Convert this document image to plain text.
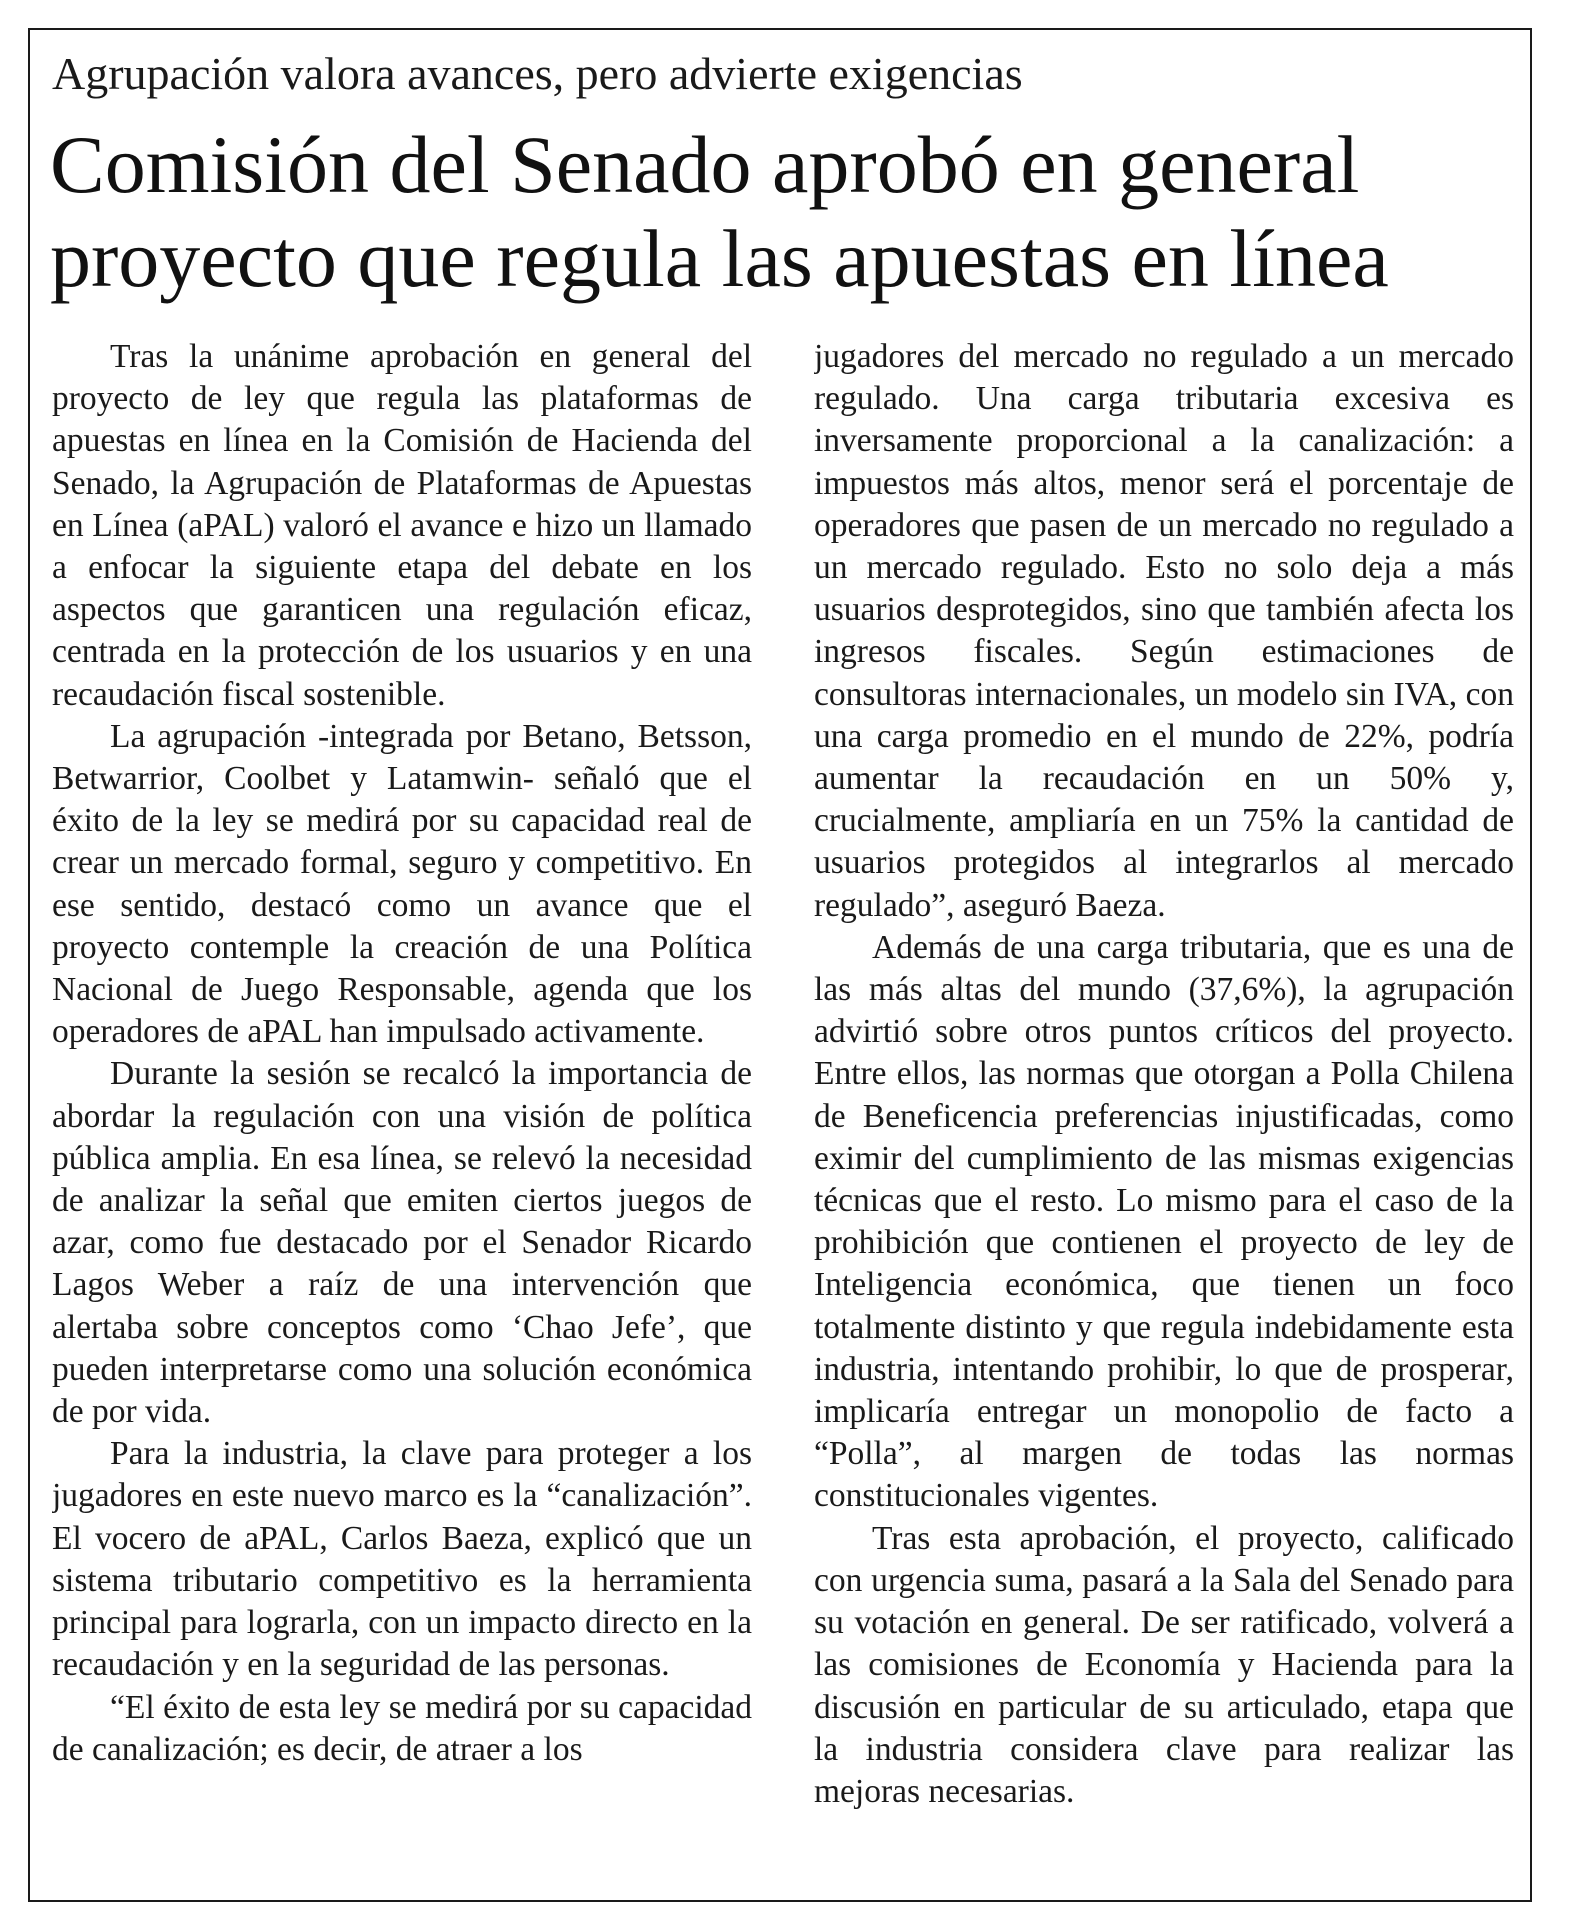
Agrupación valora avances, pero advierte exigencias
Comisión del Senado aprobó en general
proyecto que regula las apuestas en línea

Tras la unánime aprobación en general del proyecto de ley que regula las plataformas de apuestas en línea en la Comisión de Hacienda del Senado, la Agrupación de Plataformas de Apuestas en Línea (aPAL) valoró el avance e hizo un llamado a enfocar la siguiente etapa del debate en los aspectos que garanticen una regulación eficaz, centrada en la protección de los usuarios y en una recaudación fiscal sostenible.

La agrupación -integrada por Betano, Betsson, Betwarrior, Coolbet y Latamwin- señaló que el éxito de la ley se medirá por su capacidad real de crear un mercado formal, seguro y competitivo. En ese sentido, destacó como un avance que el proyecto contemple la creación de una Política Nacional de Juego Responsable, agenda que los operadores de aPAL han impulsado activamente.

Durante la sesión se recalcó la importancia de abordar la regulación con una visión de política pública amplia. En esa línea, se relevó la necesidad de analizar la señal que emiten ciertos juegos de azar, como fue destacado por el Senador Ricardo Lagos Weber a raíz de una intervención que alertaba sobre conceptos como ‘Chao Jefe’, que pueden interpretarse como una solución económica de por vida.

Para la industria, la clave para proteger a los jugadores en este nuevo marco es la “canalización”. El vocero de aPAL, Carlos Baeza, explicó que un sistema tributario competitivo es la herramienta principal para lograrla, con un impacto directo en la recaudación y en la seguridad de las personas.

“El éxito de esta ley se medirá por su capacidad de canalización; es decir, de atraer a los

jugadores del mercado no regulado a un mercado regulado. Una carga tributaria excesiva es inversamente proporcional a la canalización: a impuestos más altos, menor será el porcentaje de operadores que pasen de un mercado no regulado a un mercado regulado. Esto no solo deja a más usuarios desprotegidos, sino que también afecta los ingresos fiscales. Según estimaciones de consultoras internacionales, un modelo sin IVA, con una carga promedio en el mundo de 22%, podría aumentar la recaudación en un 50% y, crucialmente, ampliaría en un 75% la cantidad de usuarios protegidos al integrarlos al mercado regulado”, aseguró Baeza.

Además de una carga tributaria, que es una de las más altas del mundo (37,6%), la agrupación advirtió sobre otros puntos críticos del proyecto. Entre ellos, las normas que otorgan a Polla Chilena de Beneficencia preferencias injustificadas, como eximir del cumplimiento de las mismas exigencias técnicas que el resto. Lo mismo para el caso de la prohibición que contienen el proyecto de ley de Inteligencia económica, que tienen un foco totalmente distinto y que regula indebidamente esta industria, intentando prohibir, lo que de prosperar, implicaría entregar un monopolio de facto a “Polla”, al margen de todas las normas constitucionales vigentes.

Tras esta aprobación, el proyecto, calificado con urgencia suma, pasará a la Sala del Senado para su votación en general. De ser ratificado, volverá a las comisiones de Economía y Hacienda para la discusión en particular de su articulado, etapa que la industria considera clave para realizar las mejoras necesarias.
